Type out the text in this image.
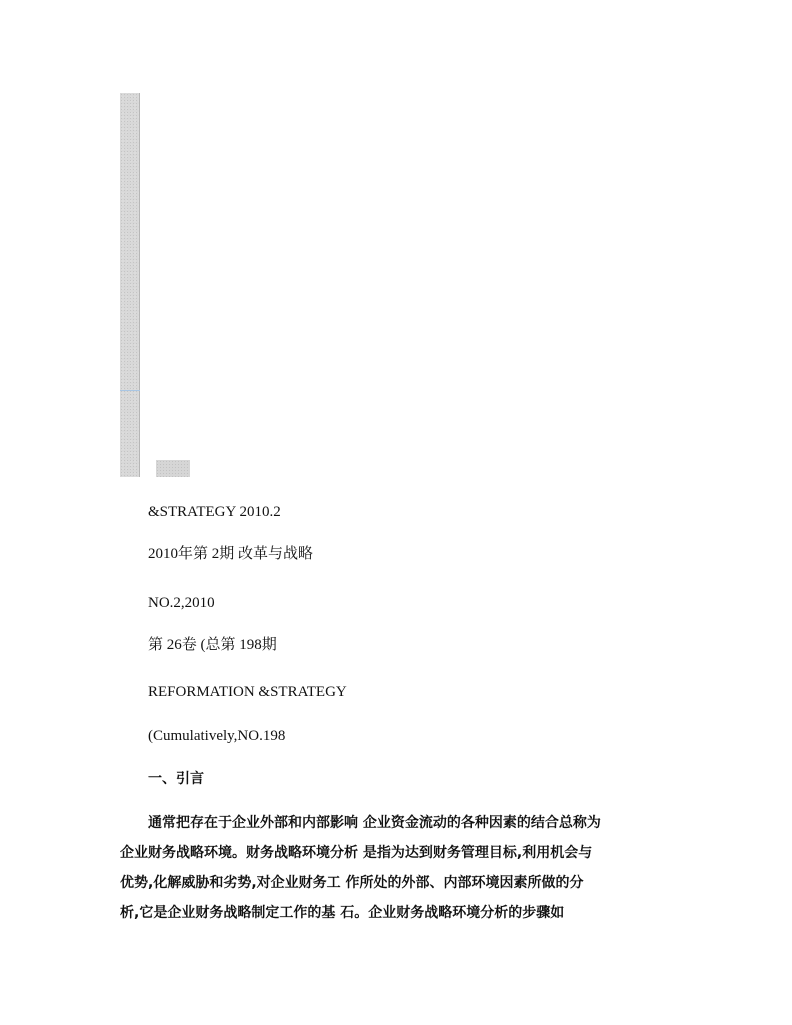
&STRATEGY 2010.2
2010年第 2期 改革与战略
NO.2,2010
第 26卷 (总第 198期
REFORMATION &STRATEGY
(Cumulatively,NO.198
一、引言
通常把存在于企业外部和内部影响 企业资金流动的各种因素的结合总称为
企业财务战略环境。财务战略环境分析 是指为达到财务管理目标,利用机会与
优势,化解威胁和劣势,对企业财务工 作所处的外部、内部环境因素所做的分
析,它是企业财务战略制定工作的基 石。企业财务战略环境分析的步骤如
